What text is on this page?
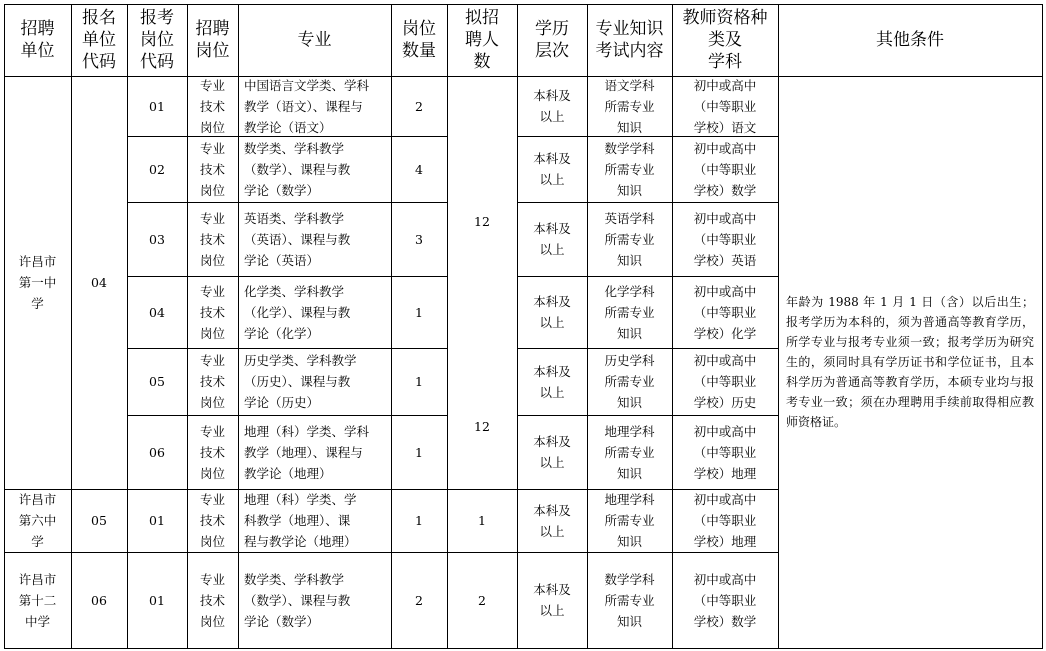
招聘
单位
报名
单位
代码
报考
岗位
代码
招聘
岗位
专业
岗位
数量
拟招
聘人
数
学历
层次
专业知识
考试内容
教师资格种
类及
学科
其他条件
许昌市
第一中
学
04
12
12
许昌市
第六中
学
05	1
许昌市
第十二
中学
06	2
年龄为 1988 年 1 月 1 日（含）以后出生；报考学历为本科的，须为普通高等教育学历，所学专业与报考专业须一致；报考学历为研究生的，须同时具有学历证书和学位证书，且本科学历为普通高等教育学历，本硕专业均与报考专业一致；须在办理聘用手续前取得相应教师资格证。
01
专业
技术
岗位
中国语言文学类、学科
教学（语文）、课程与
教学论（语文）
2
本科及
以上
语文学科
所需专业
知识
初中或高中
（中等职业
学校）语文
02
专业
技术
岗位
数学类、学科教学
（数学）、课程与教
学论（数学）
4
本科及
以上
数学学科
所需专业
知识
初中或高中
（中等职业
学校）数学
03
专业
技术
岗位
英语类、学科教学
（英语）、课程与教
学论（英语）
3
本科及
以上
英语学科
所需专业
知识
初中或高中
（中等职业
学校）英语
04
专业
技术
岗位
化学类、学科教学
（化学）、课程与教
学论（化学）
1
本科及
以上
化学学科
所需专业
知识
初中或高中
（中等职业
学校）化学
05
专业
技术
岗位
历史学类、学科教学
（历史）、课程与教
学论（历史）
1
本科及
以上
历史学科
所需专业
知识
初中或高中
（中等职业
学校）历史
06
专业
技术
岗位
地理（科）学类、学科
教学（地理）、课程与
教学论（地理）
1
本科及
以上
地理学科
所需专业
知识
初中或高中
（中等职业
学校）地理
01
专业
技术
岗位
地理（科）学类、学
科教学（地理）、课
程与教学论（地理）
1
本科及
以上
地理学科
所需专业
知识
初中或高中
（中等职业
学校）地理
01
专业
技术
岗位
数学类、学科教学
（数学）、课程与教
学论（数学）
2
本科及
以上
数学学科
所需专业
知识
初中或高中
（中等职业
学校）数学
